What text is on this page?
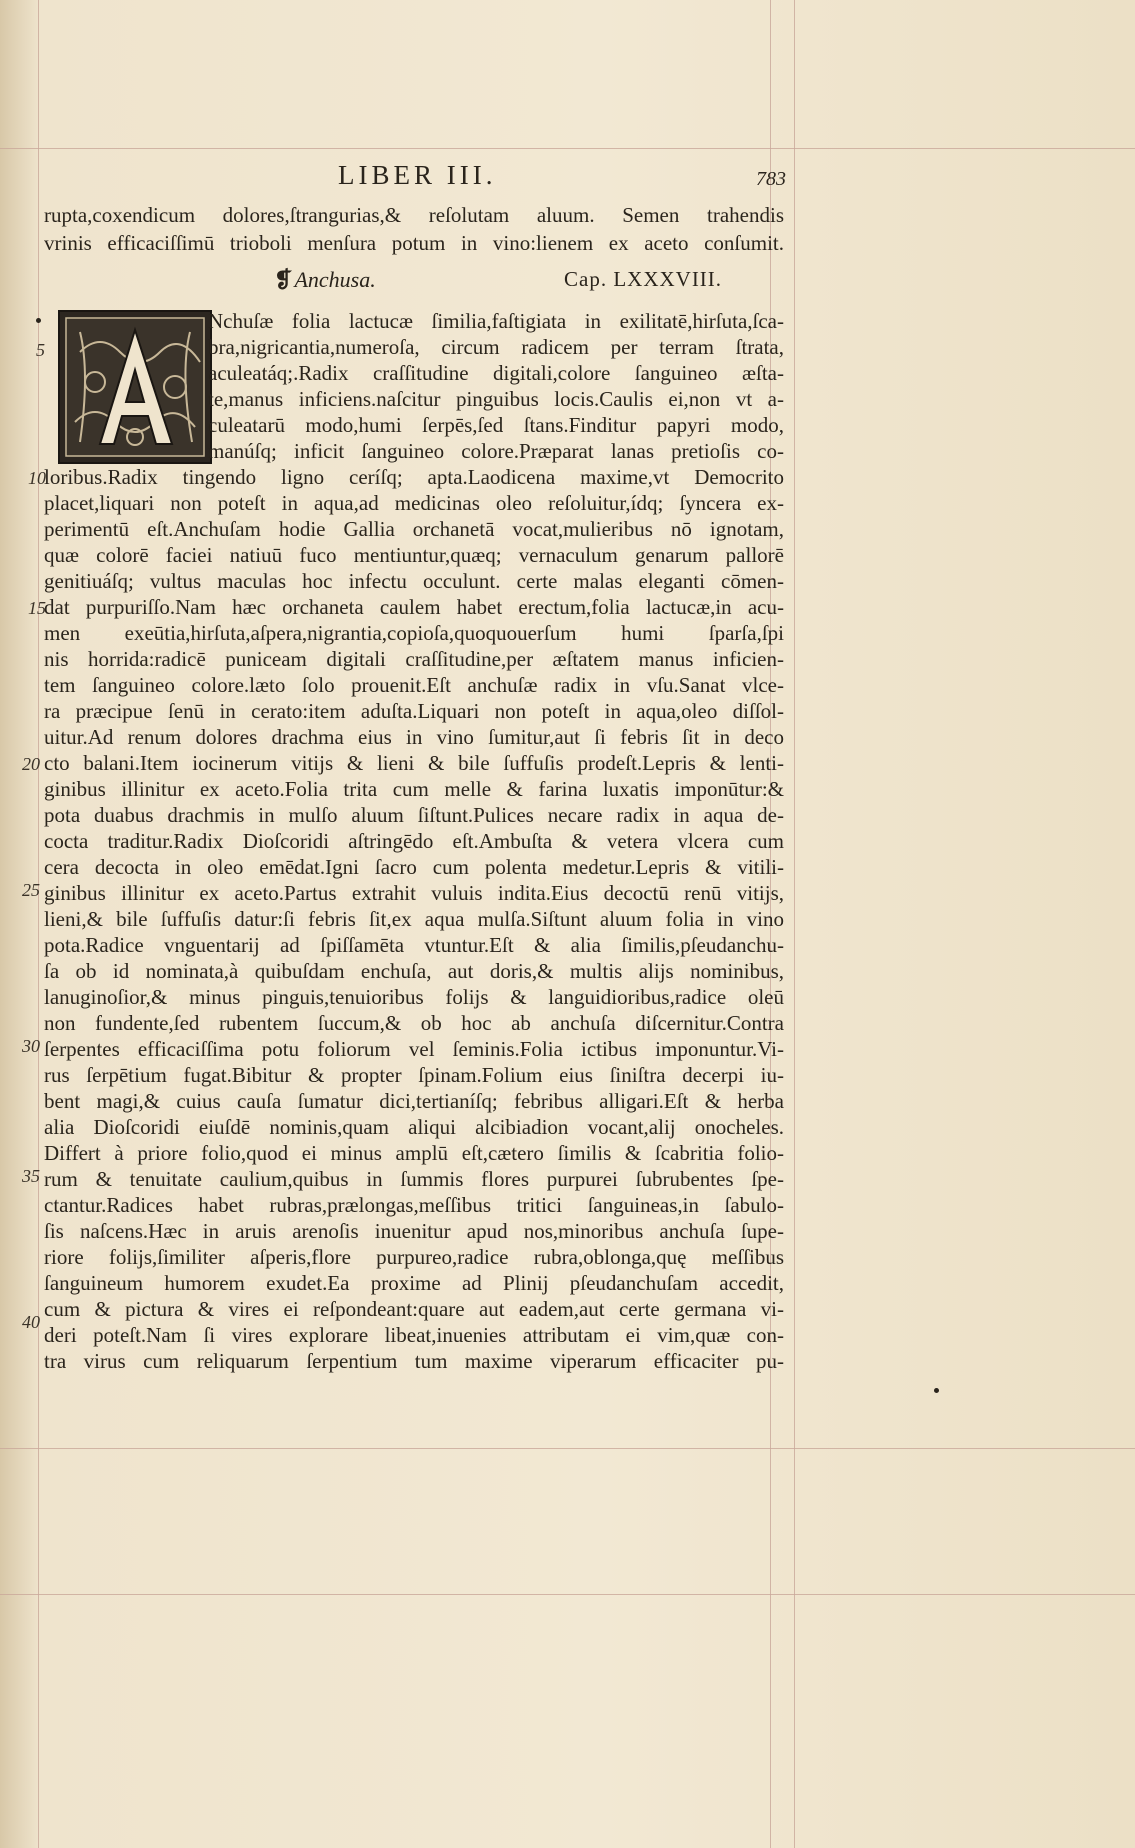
LIBER III.	783
❡Anchusa.	Cap. LXXXVIII.
rupta,coxendicum dolores,ſtrangurias,& reſolutam aluum. Semen trahendis
vrinis efficaciſſimū trioboli menſura potum in vino:lienem ex aceto conſumit.
Nchuſæ folia lactucæ ſimilia,faſtigiata in exilitatē,hirſuta,ſca-
bra,nigricantia,numeroſa, circum radicem per terram ſtrata,
aculeatáq;.Radix craſſitudine digitali,colore ſanguineo æſta-
te,manus inficiens.naſcitur pinguibus locis.Caulis ei,non vt a-
culeatarū modo,humi ſerpēs,ſed ſtans.Finditur papyri modo,
manúſq; inficit ſanguineo colore.Præparat lanas pretioſis co-
loribus.Radix tingendo ligno ceríſq; apta.Laodicena maxime,vt Democrito
placet,liquari non poteſt in aqua,ad medicinas oleo reſoluitur,ídq; ſyncera ex-
perimentū eſt.Anchuſam hodie Gallia orchanetā vocat,mulieribus nō ignotam,
quæ colorē faciei natiuū fuco mentiuntur,quæq; vernaculum genarum pallorē
genitiuáſq; vultus maculas hoc infectu occulunt. certe malas eleganti cōmen-
dat purpuriſſo.Nam hæc orchaneta caulem habet erectum,folia lactucæ,in acu-
men exeūtia,hirſuta,aſpera,nigrantia,copioſa,quoquouerſum humi ſparſa,ſpi
nis horrida:radicē puniceam digitali craſſitudine,per æſtatem manus inficien-
tem ſanguineo colore.læto ſolo prouenit.Eſt anchuſæ radix in vſu.Sanat vlce-
ra præcipue ſenū in cerato:item aduſta.Liquari non poteſt in aqua,oleo diſſol-
uitur.Ad renum dolores drachma eius in vino ſumitur,aut ſi febris ſit in deco
cto balani.Item iocinerum vitijs & lieni & bile ſuffuſis prodeſt.Lepris & lenti-
ginibus illinitur ex aceto.Folia trita cum melle & farina luxatis imponūtur:&
pota duabus drachmis in mulſo aluum ſiſtunt.Pulices necare radix in aqua de-
cocta traditur.Radix Dioſcoridi aſtringēdo eſt.Ambuſta & vetera vlcera cum
cera decocta in oleo emēdat.Igni ſacro cum polenta medetur.Lepris & vitili-
ginibus illinitur ex aceto.Partus extrahit vuluis indita.Eius decoctū renū vitijs,
lieni,& bile ſuffuſis datur:ſi febris ſit,ex aqua mulſa.Siſtunt aluum folia in vino
pota.Radice vnguentarij ad ſpiſſamēta vtuntur.Eſt & alia ſimilis,pſeudanchu-
ſa ob id nominata,à quibuſdam enchuſa, aut doris,& multis alijs nominibus,
lanuginoſior,& minus pinguis,tenuioribus folijs & languidioribus,radice oleū
non fundente,ſed rubentem ſuccum,& ob hoc ab anchuſa diſcernitur.Contra
ſerpentes efficaciſſima potu foliorum vel ſeminis.Folia ictibus imponuntur.Vi-
rus ſerpētium fugat.Bibitur & propter ſpinam.Folium eius ſiniſtra decerpi iu-
bent magi,& cuius cauſa ſumatur dici,tertianíſq; febribus alligari.Eſt & herba
alia Dioſcoridi eiuſdē nominis,quam aliqui alcibiadion vocant,alij onocheles.
Differt à priore folio,quod ei minus amplū eſt,cætero ſimilis & ſcabritia folio-
rum & tenuitate caulium,quibus in ſummis flores purpurei ſubrubentes ſpe-
ctantur.Radices habet rubras,prælongas,meſſibus tritici ſanguineas,in ſabulo-
ſis naſcens.Hæc in aruis arenoſis inuenitur apud nos,minoribus anchuſa ſupe-
riore folijs,ſimiliter aſperis,flore purpureo,radice rubra,oblonga,quę meſſibus
ſanguineum humorem exudet.Ea proxime ad Plinij pſeudanchuſam accedit,
cum & pictura & vires ei reſpondeant:quare aut eadem,aut certe germana vi-
deri poteſt.Nam ſi vires explorare libeat,inuenies attributam ei vim,quæ con-
tra virus cum reliquarum ſerpentium tum maxime viperarum efficaciter pu-
5
10
15
20
25
30
35
40
